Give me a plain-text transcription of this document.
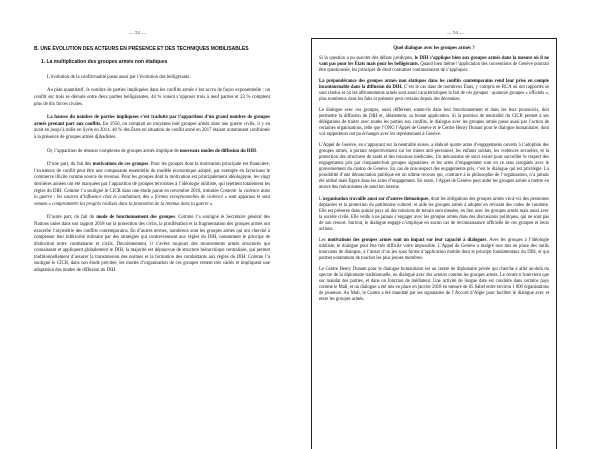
— 52 —
B. UNE ÉVOLUTION DES ACTEURS EN PRÉSENCE ET DES TECHNIQUES MOBILISABLES
1. La multiplication des groupes armés non étatiques

L’évolution de la conflictualité passe aussi par l’évolution des belligérants.

Au plan quantitatif, le nombre de parties impliquées dans les conflits armés s’est accru de façon exponentielle : un conflit sur trois se déroule entre deux parties belligérantes, 44 % voient s’opposer trois à neuf parties et 22 % comptent plus de dix forces rivales.

La hausse du nombre de parties impliquées s’est traduite par l’apparition d’un grand nombre de groupes armés prenant part aux conflits. En 1950, on comptait en moyenne huit groupes armés dans une guerre civile, il y en avait en jusqu’à mille en Syrie en 2014. 40 % des États en situation de conflit armé en 2017 étaient notamment confrontés à la présence de groupes armés djihadistes.

Or, l’apparition de réseaux complexes de groupes armés implique de nouveaux modes de diffusion du DIH.

D’une part, du fait des motivations de ces groupes. Pour les groupes dont la motivation principale est financière, l’existence de conflit peut être une composante essentielle du modèle économique adopté, par exemple en favorisant le commerce illicite comme source de revenus. Pour les groupes dont la motivation est principalement idéologique, les vingt dernières années ont été marquées par l’apparition de groupes terroristes à l’idéologie nihiliste, qui rejettent totalement les règles du DIH. Comme l’a souligné le CICR dans une étude parue en novembre 2018, intitulée Contenir la violence dans la guerre : les sources d’influence chez le combattant, des « formes exceptionnelles de violence » sont apparues et sont venues « compromettre les progrès réalisés dans la promotion de la retenue dans la guerre ».

D’autre part, du fait du mode de fonctionnement des groupes. Comme l’a souligné le Secrétaire général des Nations unies dans son rapport 2018 sur la protection des civils, la prolifération et la fragmentation des groupes armés ont exacerbé l’asymétrie des conflits contemporains. En d’autres termes, nombreux sont les groupes armés qui ont cherché à compenser leur infériorité militaire par des stratégies qui contreviennent aux règles du DIH, notamment le principe de distinction entre combattants et civils. Deuxièmement, il s’avère toujours des mouvements armés structurés qui connaissent et appliquent globalement le DIH, la majorité est dépourvue de structure hiérarchique centralisée, qui permet traditionnellement d’assurer la transmission des normes et la formation des combattants aux règles du DIH. Comme l’a souligné le CICR, dans son étude précitée, les modes d’organisation de ces groupes restent très variés et impliquent une adaptation des modes de diffusion du DIH.

— 53 —
Quel dialogue avec les groupes armés ?

Si la question a pu susciter des débats juridiques, le DIH s’applique bien aux groupes armés dans la mesure où il ne vaut pas pour les États mais pour les belligérants. Quand bien même l’application des conventions de Genève pourrait être questionnée, les principes de droit coutumier continueraient de s’appliquer.

La prépondérance des groupes armés non étatiques dans les conflits contemporains rend leur prise en compte incontournable dans la diffusion du DIH. C’est le cas dans de nombreux États, y compris en RCA où ont rapportés se sont rendus et où les affrontements armés sont aussi caractéristiques le fait de ces groupes : quatorze groupes « officiels », plus nombreux dans les faits et présents pour certains depuis des décennies.

Le dialogue avec ces groupes, aussi différents soient-ils dans leur fonctionnement et dans les buts poursuivis, doit permettre la diffusion du DIH et, idéalement, sa bonne application. Si la position de neutralité du CICR permet à ses délégations de traiter avec toutes les parties aux conflits, le dialogue avec les groupes armés passe aussi par l’action de certaines organisations, telle que l’ONG l’Appel de Genève et le Centre Henry Dunant pour le dialogue humanitaire, dont vos rapporteurs ont pu échanger avec les représentants à Genève.

L’Appel de Genève, en s’appuyant sur la neutralité suisse, a élaboré quatre actes d’engagements ouverts à l’adoption des groupes armés, à portant respectivement sur les mines anti-personnel, les enfants soldats, les violences sexuelles, et la protection des structures de santé et des missions médicales. Un mécanisme de suivi existe pour surveiller le respect des engagements pris par cinquante-huit groupes signataires, et les actes d’engagement sont en ce sens rarogatés avec le gouvernement du canton de Genève. En cas de non-respect des engagements pris, c’est le dialogue qui est privilégié. La possibilité d’une dénonciation publique est un ultime recours qui, contraire à la philosophie de l’organisation, n’a jamais été utilisé mais figure dans les actes d’engagement. En outre, l’Appel de Genève peut aider les groupes armés à mettre en œuvre des mécanismes de sanction interne.

L’organisation travaille aussi sur d’autres thématiques, dont les obligations des groupes armés vis-à-vis des personnes déplacées et la protection du patrimoine culturel, et aide les groupes armés à adopter en révisant des codes de conduite. Elle est présente dans quinze pays où des missions de terrain sont menées, en lien avec les groupes armés mais aussi avec la société civile. Elle veille à ne jamais s’engager avec les groupes armés dans des discussions politiques, qui ne sont pas de son ressort. Surtout, le dialogue engagé n’implique en aucun cas de reconnaissance officielle de ces groupes et leurs actions.

Les motivations des groupes armés sont un impact sur leur capacité à dialoguer. Avec les groupes à l’idéologie nihiliste, le dialogue peut être très difficile voire impossible. L’Appel de Genève a malgré tout mis en place des outils innovants de dialogue, à l’instar d’un jeu sous forme d’application mobile dont le principe fondamentaux du DIH, et qui permet notamment de toucher les plus jeunes membres.

Le Centre Henry Dunant pour le dialogue humanitaire est un centre de diplomatie privée qui cherche à aller au-delà du spectre de la diplomatie traditionnelle, en dialogué avec des acteurs comme les groupes armés. Le centre n’intervient que sur mandat des parties, et dans un fonction de médiateur. Une activité de longue date est conduite dans certains pays comme le Mali, et un dialogue a été mis en place en janvier 2018 en mesure de 05 Sahel entre environ 1 000 organisations de jeunesse. Au Mali, le Centre a été mandaté par les signataires de l’Accord d’Alger pour faciliter le dialogue avec et entre les groupes armés.
